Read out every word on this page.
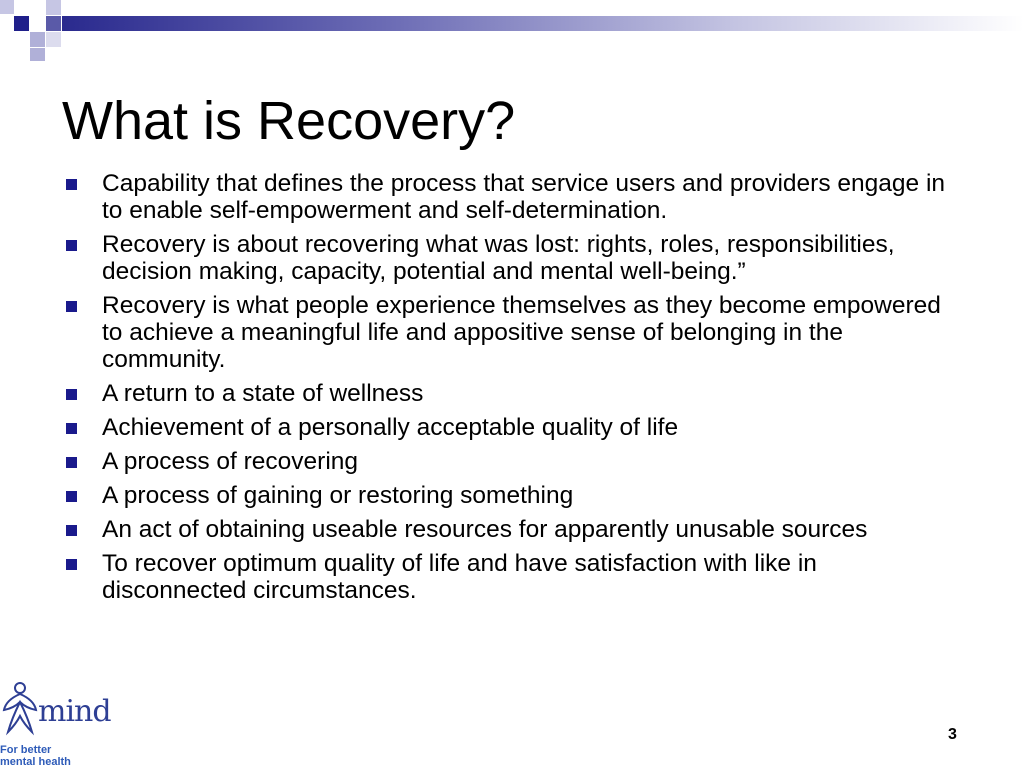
What is Recovery?
Capability that defines the process that service users and providers engage in to enable self-empowerment and self-determination.
Recovery is about recovering what was lost: rights, roles, responsibilities, decision making, capacity, potential and mental well-being.”
Recovery is what people experience themselves as they become empowered to achieve a meaningful life and appositive sense of belonging in the community.
A return to a state of wellness
Achievement of a personally acceptable quality of life
A process of recovering
A process of gaining or restoring something
An act of obtaining useable resources for apparently unusable sources
To recover optimum quality of life and have satisfaction with like in disconnected circumstances.
mind
For better
mental health
3
